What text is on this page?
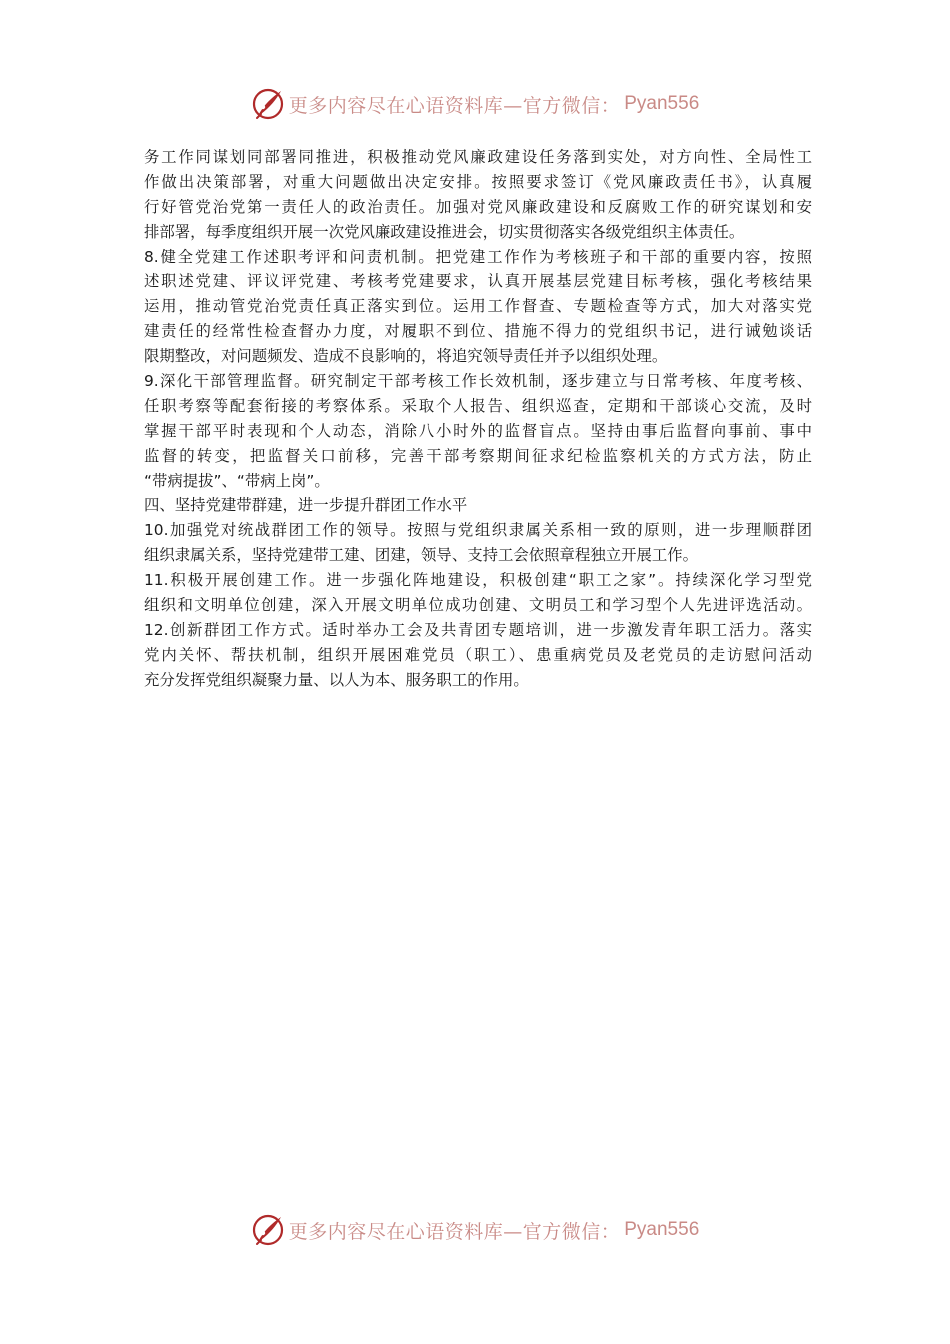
更多内容尽在心语资料库—官方微信： Pyan556
务工作同谋划同部署同推进，积极推动党风廉政建设任务落到实处，对方向性、全局性工
作做出决策部署，对重大问题做出决定安排。按照要求签订《党风廉政责任书》，认真履
行好管党治党第一责任人的政治责任。加强对党风廉政建设和反腐败工作的研究谋划和安
排部署，每季度组织开展一次党风廉政建设推进会，切实贯彻落实各级党组织主体责任。
8.健全党建工作述职考评和问责机制。把党建工作作为考核班子和干部的重要内容，按照
述职述党建、评议评党建、考核考党建要求，认真开展基层党建目标考核，强化考核结果
运用，推动管党治党责任真正落实到位。运用工作督查、专题检查等方式，加大对落实党
建责任的经常性检查督办力度，对履职不到位、措施不得力的党组织书记，进行诫勉谈话
限期整改，对问题频发、造成不良影响的，将追究领导责任并予以组织处理。
9.深化干部管理监督。研究制定干部考核工作长效机制，逐步建立与日常考核、年度考核、
任职考察等配套衔接的考察体系。采取个人报告、组织巡查，定期和干部谈心交流，及时
掌握干部平时表现和个人动态，消除八小时外的监督盲点。坚持由事后监督向事前、事中
监督的转变，把监督关口前移，完善干部考察期间征求纪检监察机关的方式方法，防止
“带病提拔”、“带病上岗”。
四、坚持党建带群建，进一步提升群团工作水平
10.加强党对统战群团工作的领导。按照与党组织隶属关系相一致的原则，进一步理顺群团
组织隶属关系，坚持党建带工建、团建，领导、支持工会依照章程独立开展工作。
11.积极开展创建工作。进一步强化阵地建设，积极创建“职工之家”。持续深化学习型党
组织和文明单位创建，深入开展文明单位成功创建、文明员工和学习型个人先进评选活动。
12.创新群团工作方式。适时举办工会及共青团专题培训，进一步激发青年职工活力。落实
党内关怀、帮扶机制，组织开展困难党员（职工）、患重病党员及老党员的走访慰问活动
充分发挥党组织凝聚力量、以人为本、服务职工的作用。
更多内容尽在心语资料库—官方微信： Pyan556
